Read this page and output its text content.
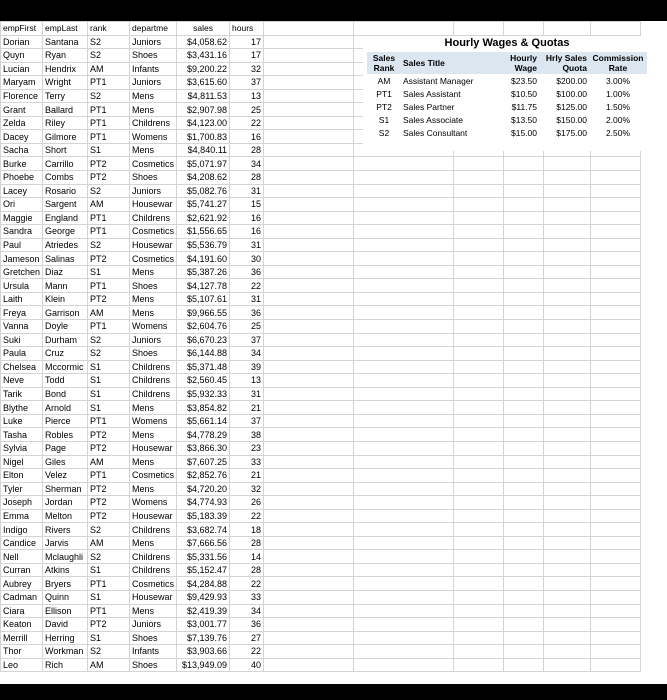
empFirst	empLast	rank	departme	sales	hours						
Dorian	Santana	S2	Juniors	$4,058.62	17						
Quyn	Ryan	S2	Shoes	$3,431.16	17						
Lucian	Hendrix	AM	Infants	$9,200.22	32						
Maryam	Wright	PT1	Juniors	$3,615.60	37						
Florence	Terry	S2	Mens	$4,811.53	13						
Grant	Ballard	PT1	Mens	$2,907.98	25						
Zelda	Riley	PT1	Childrens	$4,123.00	22						
Dacey	Gilmore	PT1	Womens	$1,700.83	16						
Sacha	Short	S1	Mens	$4,840.11	28						
Burke	Carrillo	PT2	Cosmetics	$5,071.97	34						
Phoebe	Combs	PT2	Shoes	$4,208.62	28						
Lacey	Rosario	S2	Juniors	$5,082.76	31						
Ori	Sargent	AM	Housewar	$5,741.27	15						
Maggie	England	PT1	Childrens	$2,621.92	16						
Sandra	George	PT1	Cosmetics	$1,556.65	16						
Paul	Atriedes	S2	Housewar	$5,536.79	31						
Jameson	Salinas	PT2	Cosmetics	$4,191.60	30						
Gretchen	Diaz	S1	Mens	$5,387.26	36						
Ursula	Mann	PT1	Shoes	$4,127.78	22						
Laith	Klein	PT2	Mens	$5,107.61	31						
Freya	Garrison	AM	Mens	$9,966.55	36						
Vanna	Doyle	PT1	Womens	$2,604.76	25						
Suki	Durham	S2	Juniors	$6,670.23	37						
Paula	Cruz	S2	Shoes	$6,144.88	34						
Chelsea	Mccormic	S1	Childrens	$5,371.48	39						
Neve	Todd	S1	Childrens	$2,560.45	13						
Tarik	Bond	S1	Childrens	$5,932.33	31						
Blythe	Arnold	S1	Mens	$3,854.82	21						
Luke	Pierce	PT1	Womens	$5,661.14	37						
Tasha	Robles	PT2	Mens	$4,778.29	38						
Sylvia	Page	PT2	Housewar	$3,866.30	23						
Nigel	Giles	AM	Mens	$7,607.25	33						
Elton	Velez	PT1	Cosmetics	$2,852.76	21						
Tyler	Sherman	PT2	Mens	$4,720.20	32						
Joseph	Jordan	PT2	Womens	$4,774.93	26						
Emma	Melton	PT2	Housewar	$5,183.39	22						
Indigo	Rivers	S2	Childrens	$3,682.74	18						
Candice	Jarvis	AM	Mens	$7,666.56	28						
Nell	Mclaughli	S2	Childrens	$5,331.56	14						
Curran	Atkins	S1	Childrens	$5,152.47	28						
Aubrey	Bryers	PT1	Cosmetics	$4,284.88	22						
Cadman	Quinn	S1	Housewar	$9,429.93	33						
Ciara	Ellison	PT1	Mens	$2,419.39	34						
Keaton	David	PT2	Juniors	$3,001.77	36						
Merrill	Herring	S1	Shoes	$7,139.76	27						
Thor	Workman	S2	Infants	$3,903.66	22						
Leo	Rich	AM	Shoes	$13,949.09	40						
Hourly Wages & Quotas
Sales Rank	Sales Title	Hourly Wage	Hrly Sales Quota	Commission Rate
AM	Assistant Manager	$23.50	$200.00	3.00%
PT1	Sales Assistant	$10.50	$100.00	1.00%
PT2	Sales Partner	$11.75	$125.00	1.50%
S1	Sales Associate	$13.50	$150.00	2.00%
S2	Sales Consultant	$15.00	$175.00	2.50%
